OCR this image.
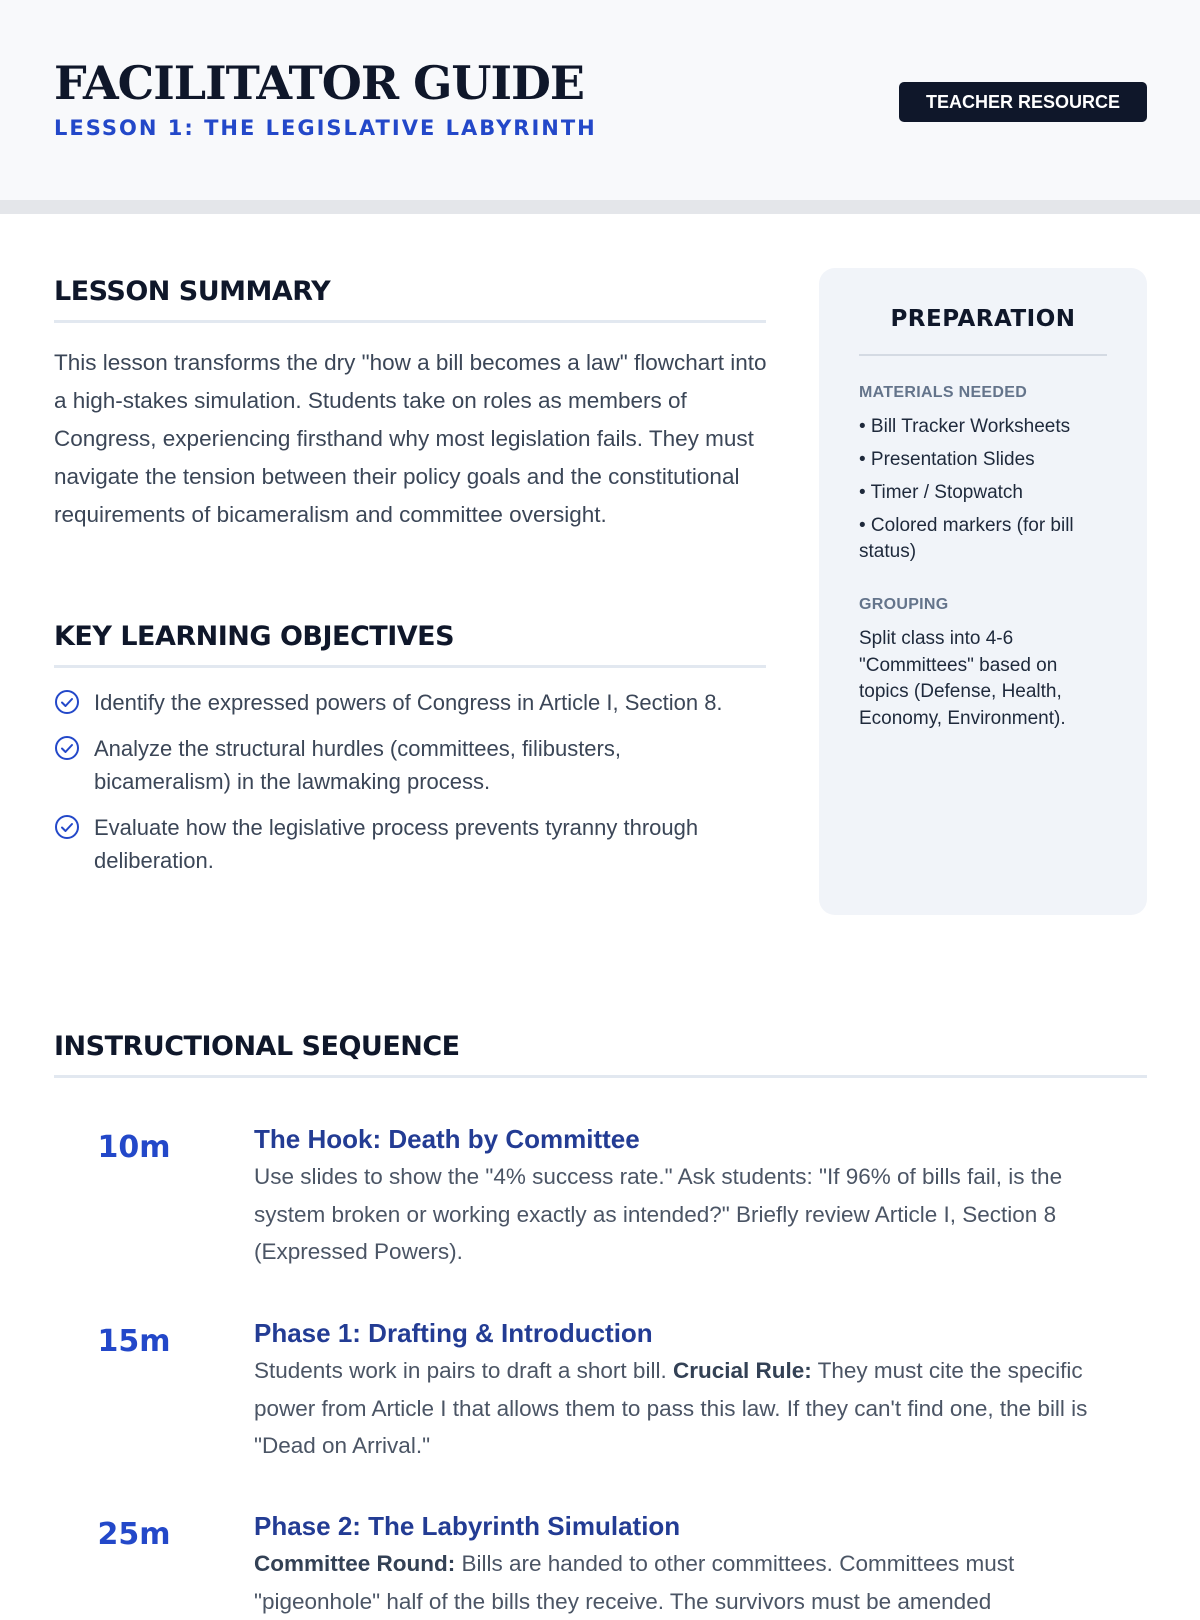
FACILITATOR GUIDE
LESSON 1: THE LEGISLATIVE LABYRINTH
TEACHER RESOURCE
LESSON SUMMARY

This lesson transforms the dry "how a bill becomes a law" flowchart into a high-stakes simulation. Students take on roles as members of Congress, experiencing firsthand why most legislation fails. They must navigate the tension between their policy goals and the constitutional requirements of bicameralism and committee oversight.

KEY LEARNING OBJECTIVES
Identify the expressed powers of Congress in Article I, Section 8.
Analyze the structural hurdles (committees, filibusters, bicameralism) in the lawmaking process.
Evaluate how the legislative process prevents tyranny through deliberation.
PREPARATION
MATERIALS NEEDED
• Bill Tracker Worksheets
• Presentation Slides
• Timer / Stopwatch
• Colored markers (for bill status)
GROUPING

Split class into 4-6 "Committees" based on topics (Defense, Health, Economy, Environment).

INSTRUCTIONAL SEQUENCE
10m	The Hook: Death by Committee

Use slides to show the "4% success rate." Ask students: "If 96% of bills fail, is the system broken or working exactly as intended?" Briefly review Article I, Section 8 (Expressed Powers).

15m	Phase 1: Drafting & Introduction

Students work in pairs to draft a short bill. Crucial Rule: They must cite the specific power from Article I that allows them to pass this law. If they can't find one, the bill is "Dead on Arrival."

25m	Phase 2: The Labyrinth Simulation

Committee Round: Bills are handed to other committees. Committees must "pigeonhole" half of the bills they receive. The survivors must be amended
